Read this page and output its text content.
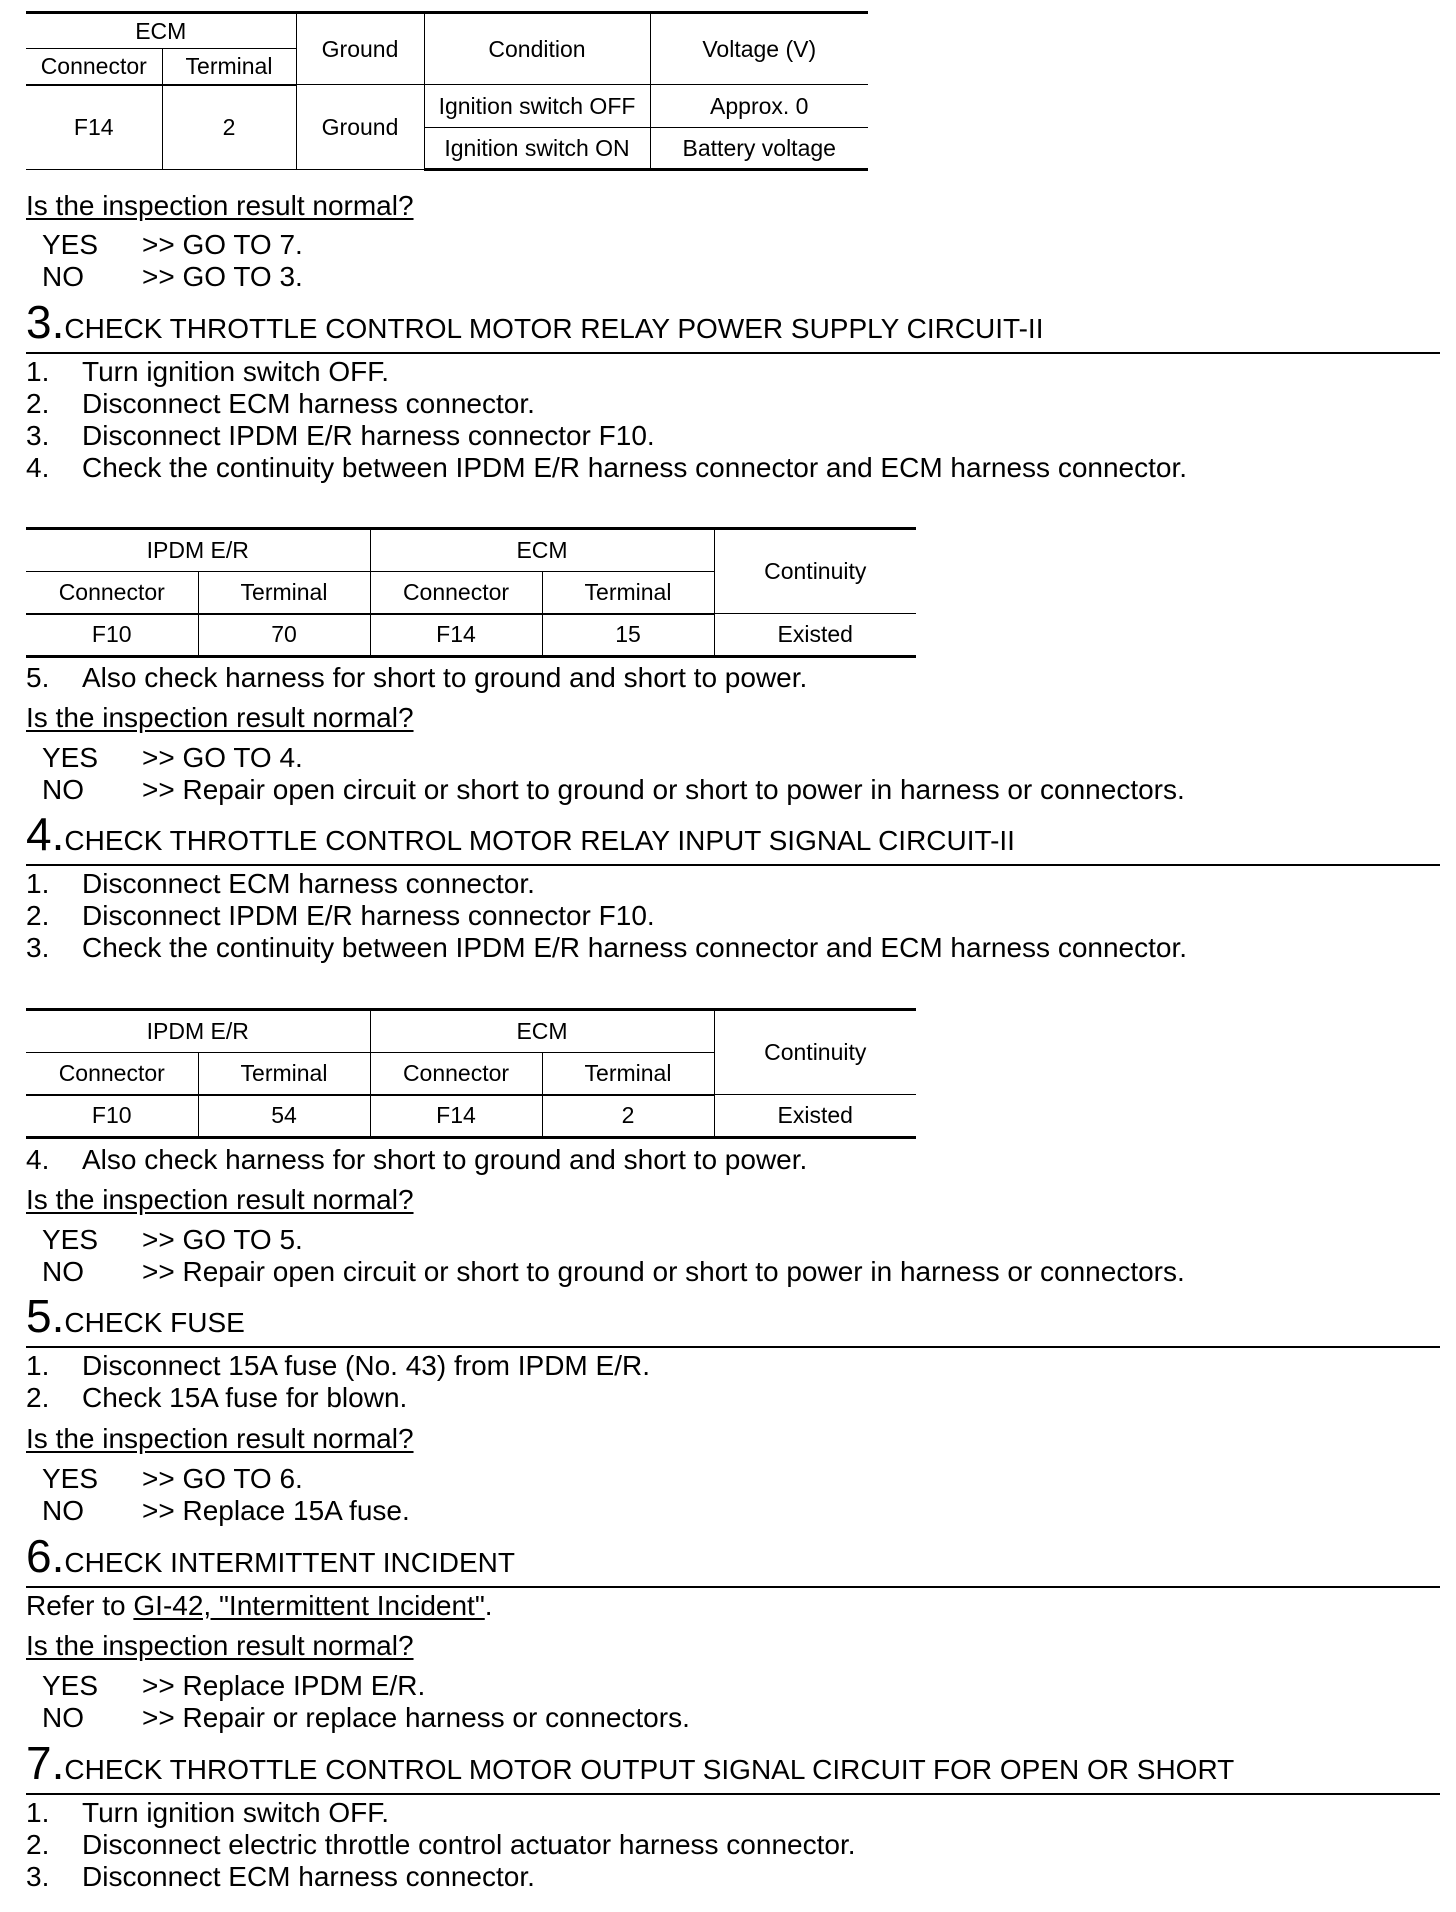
ECM		Ground	Condition	Voltage (V)
Connector	Terminal			
F14	2	Ground	Ignition switch OFF	Approx. 0
			Ignition switch ON	Battery voltage
Is the inspection result normal?
YES >> GO TO 7.
NO >> GO TO 3.
3. CHECK THROTTLE CONTROL MOTOR RELAY POWER SUPPLY CIRCUIT-II
1. Turn ignition switch OFF.
2. Disconnect ECM harness connector.
3. Disconnect IPDM E/R harness connector F10.
4. Check the continuity between IPDM E/R harness connector and ECM harness connector.
IPDM E/R		ECM		Continuity
Connector	Terminal	Connector	Terminal	
F10	70	F14	15	Existed
5. Also check harness for short to ground and short to power.
Is the inspection result normal?
YES >> GO TO 4.
NO >> Repair open circuit or short to ground or short to power in harness or connectors.
4. CHECK THROTTLE CONTROL MOTOR RELAY INPUT SIGNAL CIRCUIT-II
1. Disconnect ECM harness connector.
2. Disconnect IPDM E/R harness connector F10.
3. Check the continuity between IPDM E/R harness connector and ECM harness connector.
IPDM E/R		ECM		Continuity
Connector	Terminal	Connector	Terminal	
F10	54	F14	2	Existed
4. Also check harness for short to ground and short to power.
Is the inspection result normal?
YES >> GO TO 5.
NO >> Repair open circuit or short to ground or short to power in harness or connectors.
5. CHECK FUSE
1. Disconnect 15A fuse (No. 43) from IPDM E/R.
2. Check 15A fuse for blown.
Is the inspection result normal?
YES >> GO TO 6.
NO >> Replace 15A fuse.
6. CHECK INTERMITTENT INCIDENT
Refer to GI-42, "Intermittent Incident".
Is the inspection result normal?
YES >> Replace IPDM E/R.
NO >> Repair or replace harness or connectors.
7. CHECK THROTTLE CONTROL MOTOR OUTPUT SIGNAL CIRCUIT FOR OPEN OR SHORT
1. Turn ignition switch OFF.
2. Disconnect electric throttle control actuator harness connector.
3. Disconnect ECM harness connector.
